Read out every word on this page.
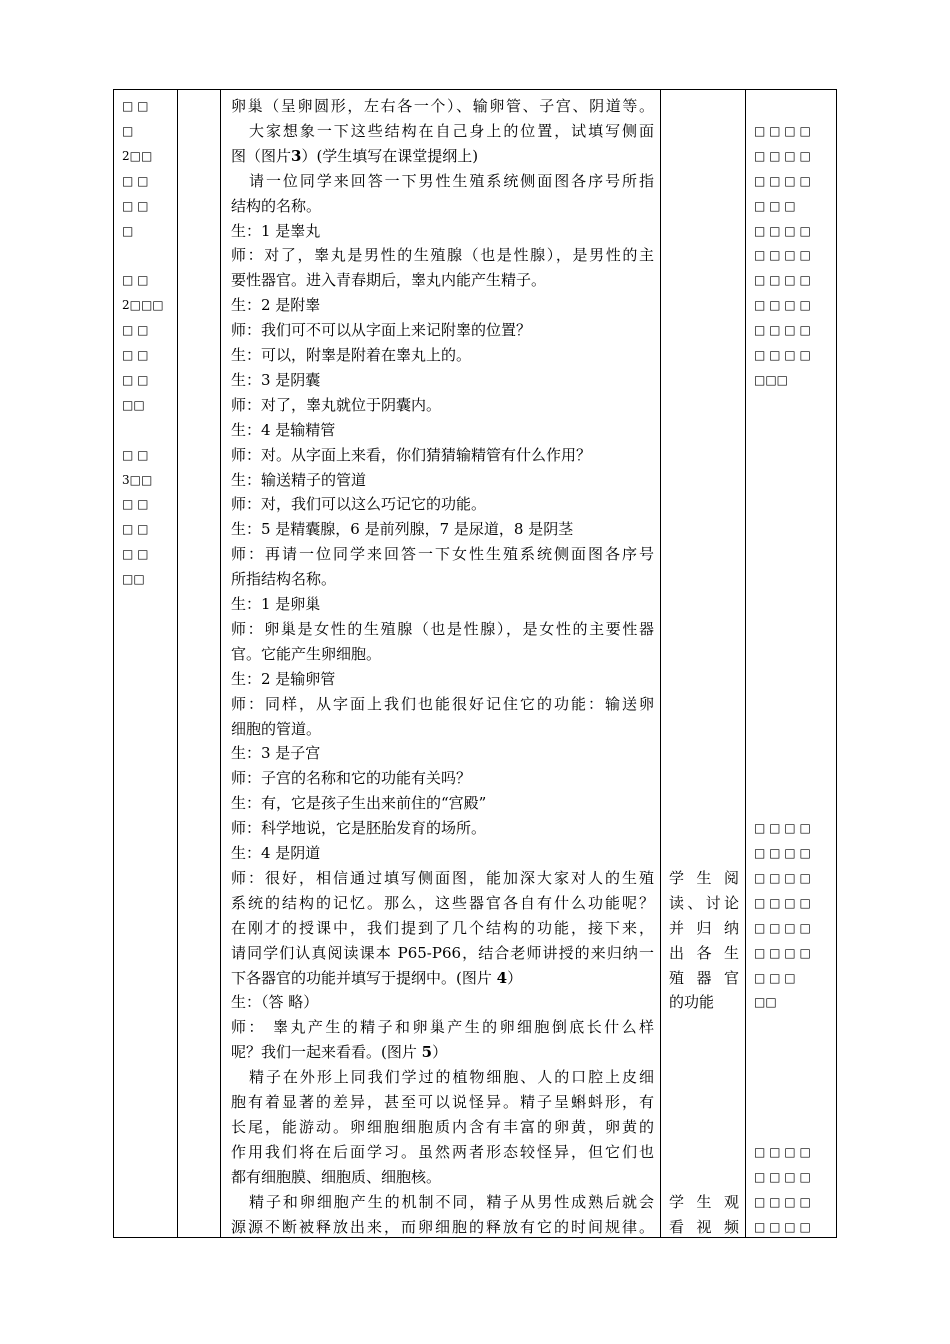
□ □
□
2□□
□ □
□ □
□
□ □
2□□□
□ □
□ □
□ □
□□
□ □
3□□
□ □
□ □
□ □
□□
卵巢（呈卵圆形，左右各一个）、输卵管、子宫、阴道等。
大家想象一下这些结构在自己身上的位置，试填写侧面
图（图片3）(学生填写在课堂提纲上)
请一位同学来回答一下男性生殖系统侧面图各序号所指
结构的名称。
生：1 是睾丸
师：对了，睾丸是男性的生殖腺（也是性腺），是男性的主
要性器官。进入青春期后，睾丸内能产生精子。
生：2 是附睾
师：我们可不可以从字面上来记附睾的位置？
生：可以，附睾是附着在睾丸上的。
生：3 是阴囊
师：对了，睾丸就位于阴囊内。
生：4 是输精管
师：对。从字面上来看，你们猜猜输精管有什么作用？
生：输送精子的管道
师：对，我们可以这么巧记它的功能。
生：5 是精囊腺，6 是前列腺，7 是尿道，8 是阴茎
师：再请一位同学来回答一下女性生殖系统侧面图各序号
所指结构名称。
生：1 是卵巢
师：卵巢是女性的生殖腺（也是性腺），是女性的主要性器
官。它能产生卵细胞。
生：2 是输卵管
师：同样，从字面上我们也能很好记住它的功能：输送卵
细胞的管道。
生：3 是子宫
师：子宫的名称和它的功能有关吗？
生：有，它是孩子生出来前住的“宫殿”
师：科学地说，它是胚胎发育的场所。
生：4 是阴道
师：很好，相信通过填写侧面图，能加深大家对人的生殖
系统的结构的记忆。那么，这些器官各自有什么功能呢？
在刚才的授课中，我们提到了几个结构的功能，接下来，
请同学们认真阅读课本 P65-P66，结合老师讲授的来归纳一
下各器官的功能并填写于提纲中。(图片 4）
生：（答 略）
师： 睾丸产生的精子和卵巢产生的卵细胞倒底长什么样
呢？我们一起来看看。(图片 5）
精子在外形上同我们学过的植物细胞、人的口腔上皮细
胞有着显著的差异，甚至可以说怪异。精子呈蝌蚪形，有
长尾，能游动。卵细胞细胞质内含有丰富的卵黄，卵黄的
作用我们将在后面学习。虽然两者形态较怪异，但它们也
都有细胞膜、细胞质、细胞核。
精子和卵细胞产生的机制不同，精子从男性成熟后就会
源源不断被释放出来，而卵细胞的释放有它的时间规律。
学生阅
读、讨论
并归纳
出各生
殖器官
的功能
学生观
看视频
□ □ □ □
□ □ □ □
□ □ □ □
□ □ □
□ □ □ □
□ □ □ □
□ □ □ □
□ □ □ □
□ □ □ □
□ □ □ □
□□□
□ □ □ □
□ □ □ □
□ □ □ □
□ □ □ □
□ □ □ □
□ □ □ □
□ □ □
□□
□ □ □ □
□ □ □ □
□ □ □ □
□ □ □ □
